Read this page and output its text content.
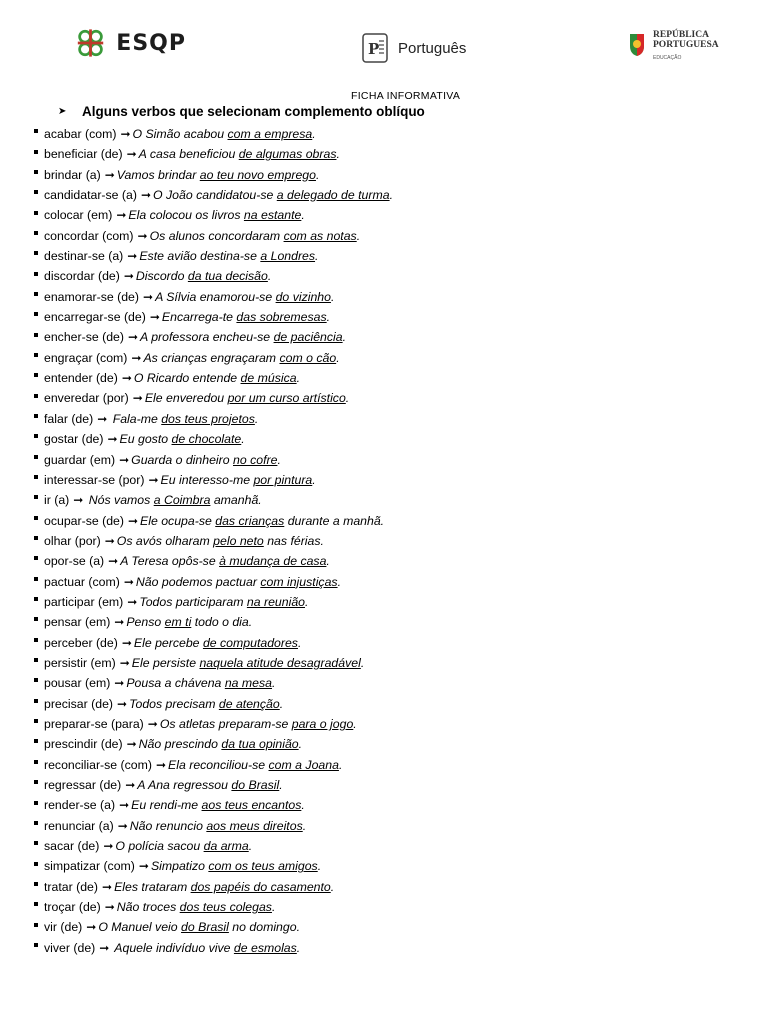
ESQP	P Português
REPÚBLICA
PORTUGUESA
EDUCAÇÃO
FICHA INFORMATIVA
➤	Alguns verbos que selecionam complemento oblíquo
acabar (com) ➞ O Simão acabou com a empresa.
beneficiar (de) ➞ A casa beneficiou de algumas obras.
brindar (a) ➞ Vamos brindar ao teu novo emprego.
candidatar-se (a) ➞ O João candidatou-se a delegado de turma.
colocar (em) ➞ Ela colocou os livros na estante.
concordar (com) ➞ Os alunos concordaram com as notas.
destinar-se (a) ➞ Este avião destina-se a Londres.
discordar (de) ➞ Discordo da tua decisão.
enamorar-se (de) ➞ A Sílvia enamorou-se do vizinho.
encarregar-se (de) ➞ Encarrega-te das sobremesas.
encher-se (de) ➞ A professora encheu-se de paciência.
engraçar (com) ➞ As crianças engraçaram com o cão.
entender (de) ➞ O Ricardo entende de música.
enveredar (por) ➞ Ele enveredou por um curso artístico.
falar (de) ➞ Fala-me dos teus projetos.
gostar (de) ➞ Eu gosto de chocolate.
guardar (em) ➞ Guarda o dinheiro no cofre.
interessar-se (por) ➞ Eu interesso-me por pintura.
ir (a) ➞ Nós vamos a Coimbra amanhã.
ocupar-se (de) ➞ Ele ocupa-se das crianças durante a manhã.
olhar (por) ➞ Os avós olharam pelo neto nas férias.
opor-se (a) ➞ A Teresa opôs-se à mudança de casa.
pactuar (com) ➞ Não podemos pactuar com injustiças.
participar (em) ➞ Todos participaram na reunião.
pensar (em) ➞ Penso em ti todo o dia.
perceber (de) ➞ Ele percebe de computadores.
persistir (em) ➞ Ele persiste naquela atitude desagradável.
pousar (em) ➞ Pousa a chávena na mesa.
precisar (de) ➞ Todos precisam de atenção.
preparar-se (para) ➞ Os atletas preparam-se para o jogo.
prescindir (de) ➞ Não prescindo da tua opinião.
reconciliar-se (com) ➞ Ela reconciliou-se com a Joana.
regressar (de) ➞ A Ana regressou do Brasil.
render-se (a) ➞ Eu rendi-me aos teus encantos.
renunciar (a) ➞ Não renuncio aos meus direitos.
sacar (de) ➞ O polícia sacou da arma.
simpatizar (com) ➞ Simpatizo com os teus amigos.
tratar (de) ➞ Eles trataram dos papéis do casamento.
troçar (de) ➞ Não troces dos teus colegas.
vir (de) ➞ O Manuel veio do Brasil no domingo.
viver (de) ➞ Aquele indivíduo vive de esmolas.
